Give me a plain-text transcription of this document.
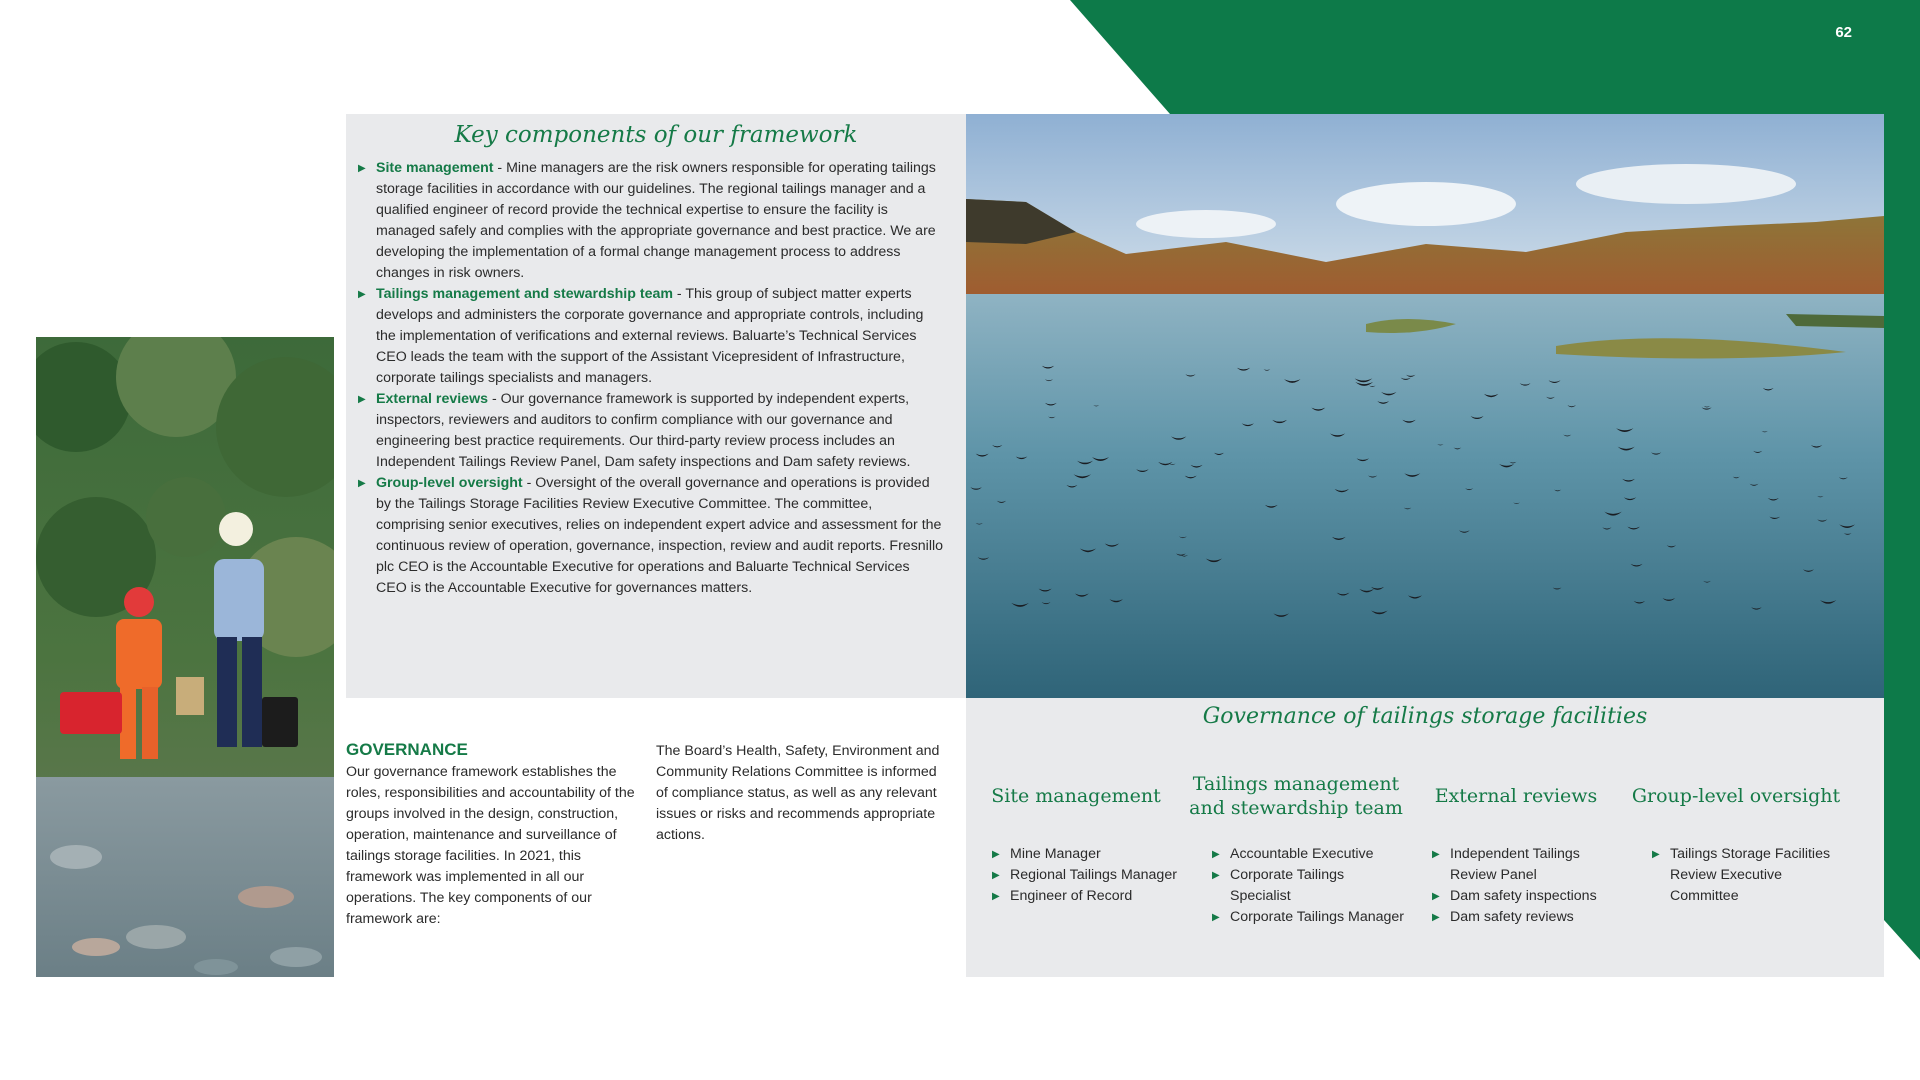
62
Key components of our framework
▶ Site management - Mine managers are the risk owners responsible for operating tailings storage facilities in accordance with our guidelines. The regional tailings manager and a qualified engineer of record provide the technical expertise to ensure the facility is managed safely and complies with the appropriate governance and best practice. We are developing the implementation of a formal change management process to address changes in risk owners.
▶ Tailings management and stewardship team - This group of subject matter experts develops and administers the corporate governance and appropriate controls, including the implementation of verifications and external reviews. Baluarte’s Technical Services CEO leads the team with the support of the Assistant Vicepresident of Infrastructure, corporate tailings specialists and managers.
▶ External reviews - Our governance framework is supported by independent experts, inspectors, reviewers and auditors to confirm compliance with our governance and engineering best practice requirements. Our third-party review process includes an Independent Tailings Review Panel, Dam safety inspections and Dam safety reviews.
▶ Group-level oversight - Oversight of the overall governance and operations is provided by the Tailings Storage Facilities Review Executive Committee. The committee, comprising senior executives, relies on independent expert advice and assessment for the continuous review of operation, governance, inspection, review and audit reports. Fresnillo plc CEO is the Accountable Executive for operations and Baluarte Technical Services CEO is the Accountable Executive for governances matters.
GOVERNANCE
Our governance framework establishes the roles, responsibilities and accountability of the groups involved in the design, construction, operation, maintenance and surveillance of tailings storage facilities. In 2021, this framework was implemented in all our operations. The key components of our framework are:
The Board’s Health, Safety, Environment and Community Relations Committee is informed of compliance status, as well as any relevant issues or risks and recommends appropriate actions.
Governance of tailings storage facilities
Site management
▶ Mine Manager
▶ Regional Tailings Manager
▶ Engineer of Record
Tailings management and stewardship team
▶ Accountable Executive
▶ Corporate Tailings Specialist
▶ Corporate Tailings Manager
External reviews
▶ Independent Tailings Review Panel
▶ Dam safety inspections
▶ Dam safety reviews
Group-level oversight
▶ Tailings Storage Facilities Review Executive Committee
